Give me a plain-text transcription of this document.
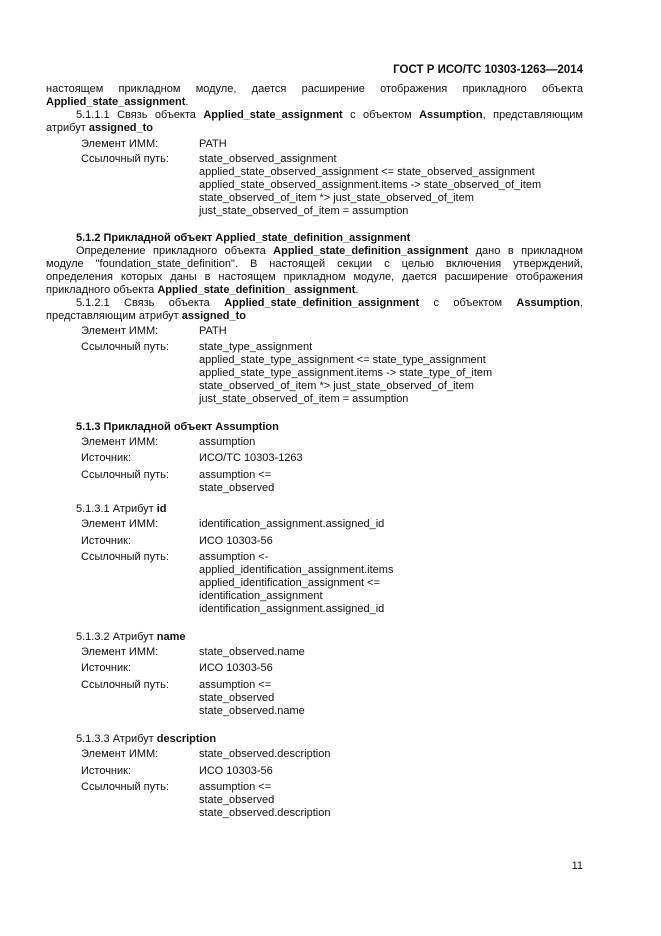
ГОСТ Р ИСО/ТС 10303-1263—2014
настоящем прикладном модуле, дается расширение отображения прикладного объекта
Applied_state_assignment.
5.1.1.1 Связь объекта Applied_state_assignment с объектом Assumption, представляющим
атрибут assigned_to
Элемент ИММ:	PATH
Ссылочный путь:	state_observed_assignment
applied_state_observed_assignment <= state_observed_assignment
applied_state_observed_assignment.items -> state_observed_of_item
state_observed_of_item *> just_state_observed_of_item
just_state_observed_of_item = assumption
5.1.2 Прикладной объект Applied_state_definition_assignment
Определение прикладного объекта Applied_state_definition_assignment дано в прикладном
модуле "foundation_state_definition". В настоящей секции с целью включения утверждений,
определения которых даны в настоящем прикладном модуле, дается расширение отображения
прикладного объекта Applied_state_definition_ assignment.
5.1.2.1 Связь объекта Applied_state_definition_assignment с объектом Assumption,
представляющим атрибут assigned_to
Элемент ИММ:	PATH
Ссылочный путь:	state_type_assignment
applied_state_type_assignment <= state_type_assignment
applied_state_type_assignment.items -> state_type_of_item
state_observed_of_item *> just_state_observed_of_item
just_state_observed_of_item = assumption
5.1.3 Прикладной объект Assumption
Элемент ИММ:	assumption
Источник:	ИСО/ТС 10303-1263
Ссылочный путь:	assumption <=
state_observed
5.1.3.1 Атрибут id
Элемент ИММ:	identification_assignment.assigned_id
Источник:	ИСО 10303-56
Ссылочный путь:	assumption <-
applied_identification_assignment.items
applied_identification_assignment <=
identification_assignment
identification_assignment.assigned_id
5.1.3.2 Атрибут name
Элемент ИММ:	state_observed.name
Источник:	ИСО 10303-56
Ссылочный путь:	assumption <=
state_observed
state_observed.name
5.1.3.3 Атрибут description
Элемент ИММ:	state_observed.description
Источник:	ИСО 10303-56
Ссылочный путь:	assumption <=
state_observed
state_observed.description
11
